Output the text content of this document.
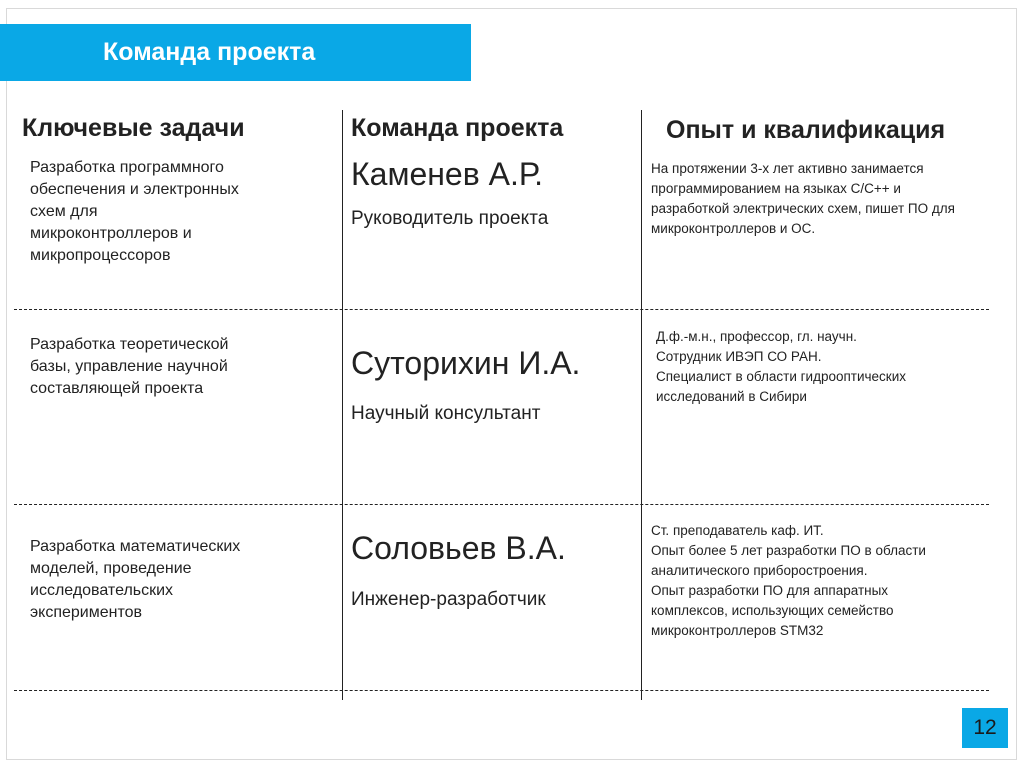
Команда проекта
Ключевые задачи	Команда проекта	Опыт и квалификация
Разработка программного
обеспечения и электронных
схем для
микроконтроллеров и
микропроцессоров
Каменев А.Р.
Руководитель проекта
На протяжении 3-х лет активно занимается
программированием на языках С/С++ и
разработкой электрических схем, пишет ПО для
микроконтроллеров и ОС.
Разработка теоретической
базы, управление научной
составляющей проекта
Суторихин И.А.
Научный консультант
Д.ф.-м.н., профессор, гл. научн.
Сотрудник ИВЭП СО РАН.
Специалист в области гидрооптических
исследований в Сибири
Разработка математических
моделей, проведение
исследовательских
экспериментов
Соловьев В.А.
Инженер-разработчик
Ст. преподаватель каф. ИТ.
Опыт более 5 лет разработки ПО в области
аналитического приборостроения.
Опыт разработки ПО для аппаратных
комплексов, использующих семейство
микроконтроллеров STM32
12
